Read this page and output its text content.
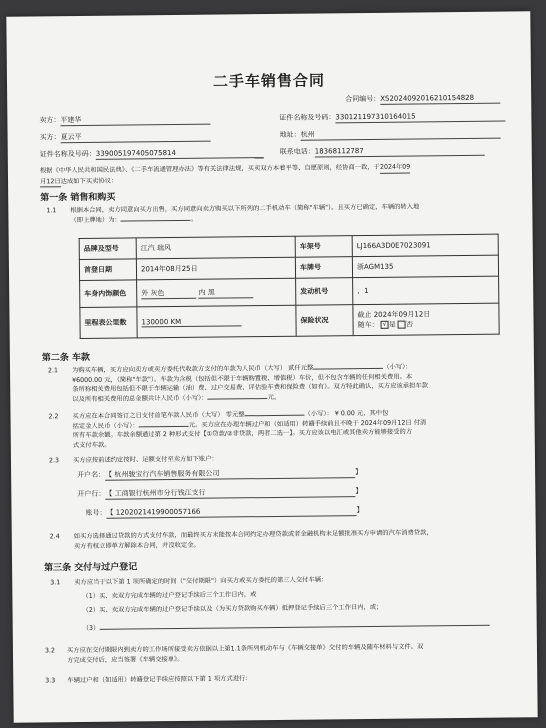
二手车销售合同
合同编号：XS2024092016210154828
卖方：平建华	证件名称及号码：330121197310164015
买方：夏云平	地址：杭州
证件名称及号码：339005197405075814	联系电话：18368112787
根据《中华人民共和国民法典》、《二手车流通管理办法》等有关法律法规，买卖双方本着平等、自愿原则，经协商一致，于2024年09
月12日达成如下买卖协议：
第一条 销售和购买
1.1 根据本合同，卖方同意向买方出售，买方同意向卖方购买以下所列的二手机动车（简称"车辆"）。且买方已确定，车辆的转入地
（即上牌地）为：	。
品牌及型号	江汽 瑞风	车架号	LJ166A3D0E7023091
首登日期	2014年08月25日	车牌号	浙AGM135
车身内饰颜色	外 灰色 内 黑	发动机号	，1
里程表公里数	130000 KM	保险状况	截止 2024年09月12日
随车： √ 是 否
第二条 车款
2.1 为购买车辆，买方应向卖方或卖方委托代收款方支付的车款为人民币（大写） 贰仟元整	（小写）：
¥6000.00 元，（简称"车款"）。车款为含税（包括但不限于车辆购置税、增值税）车价，但不包含车辆的任何相关费用。本
条所称相关费用包括但不限于车辆运输（油）费、过户交易费、评估验车费和保险费（如有）。双方特此确认，买方应该承担车款
以及所有相关费用的总金额共计人民币（小写）：	元。
2.2 买方应在本合同签订之日支付首笔车款人民币（大写） 零元整	（小写）： ¥ 0.00 元，其中包
括定金人民币（小写）：	元。买方应在办理车辆过户和（如适用）转籍手续前且不晚于 2024年09月12日 付清
所有车款余额。车款余额通过第 2 种形式支付【①贷款/②非贷款，两者二选一】。买方应该以电汇或其他卖方能够接受的方
式支付车款。
2.3 买方应按前述约定按时、足额支付至卖方如下账户：
开户名：【 杭州骏宝行汽车销售服务有限公司	】
开户行：【 工商银行杭州市分行钱江支行	】
账号：【 1202021419900057166	】
2.4 如买方选择通过贷款的方式支付车款，而最终买方未能按本合同约定办理贷款或者金融机构未足额批准买方申请的汽车消费贷款，
卖方有权立即单方解除本合同，并没收定金。
第三条 交付与过户登记
3.1 卖方应当于以下第 1 项所确定的时间（"交付期限"）向买方或买方委托的第三人交付车辆：
（1）买、卖双方完成车辆的过户登记手续后三个工作日内，或
（2）买、卖双方完成车辆的过户登记手续以及（为买方贷款购买车辆）抵押登记手续后三个工作日内，或；
（3）
3.2 买方应在交付期限内到卖方的工作场所接受卖方依据以上第1.1条所列机动车与《车辆交接单》交付的车辆及随车材料与文件。双
方完成交付后，应当签署《车辆交接单》。
3.3 车辆过户和（如适用）转籍登记手续应按照以下第 1 项方式进行：
